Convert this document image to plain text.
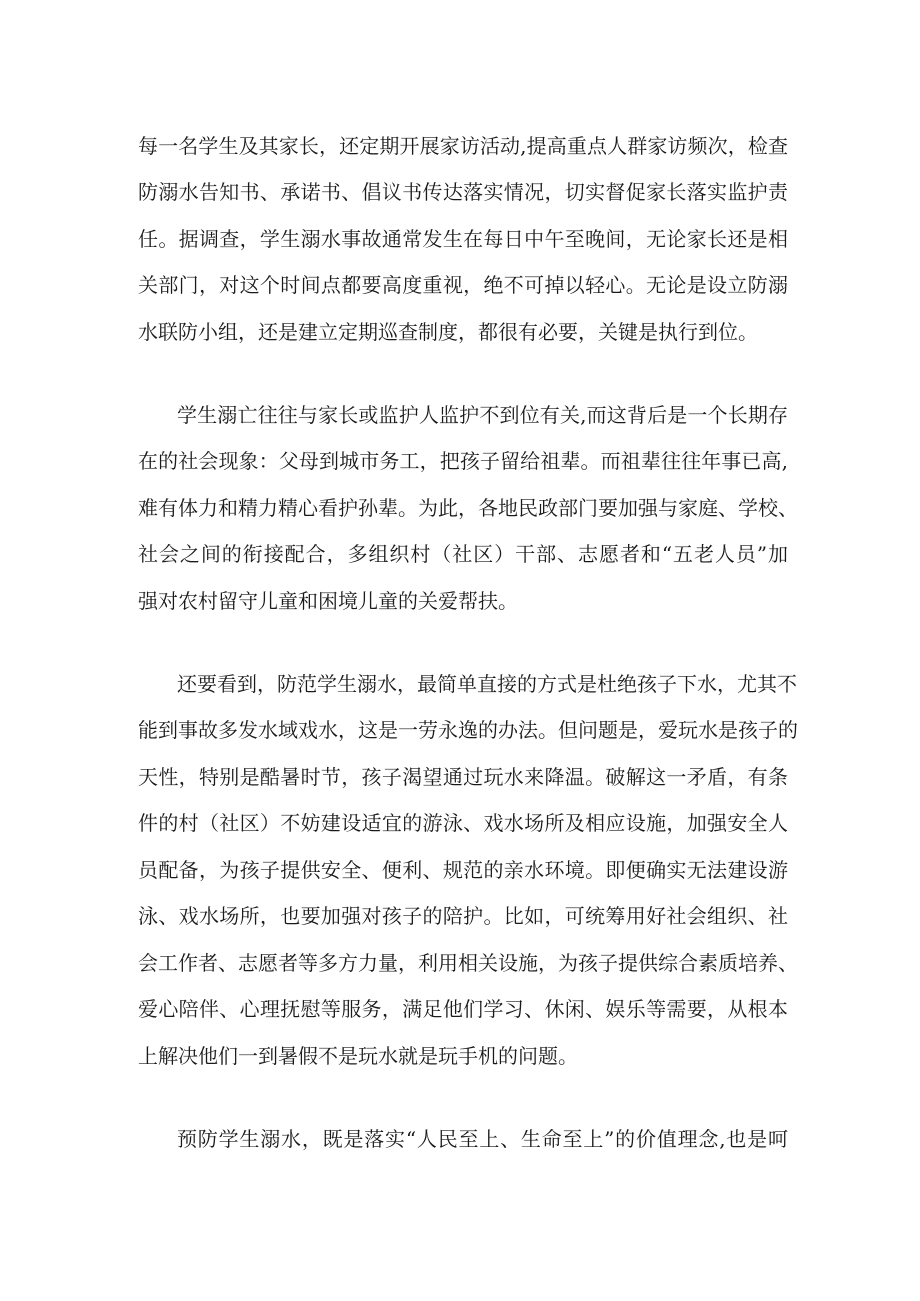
每一名学生及其家长，还定期开展家访活动,提高重点人群家访频次，检查
防溺水告知书、承诺书、倡议书传达落实情况，切实督促家长落实监护责
任。据调查，学生溺水事故通常发生在每日中午至晚间，无论家长还是相
关部门，对这个时间点都要高度重视，绝不可掉以轻心。无论是设立防溺
水联防小组，还是建立定期巡查制度，都很有必要，关键是执行到位。
学生溺亡往往与家长或监护人监护不到位有关,而这背后是一个长期存
在的社会现象：父母到城市务工，把孩子留给祖辈。而祖辈往往年事已高,
难有体力和精力精心看护孙辈。为此，各地民政部门要加强与家庭、学校、
社会之间的衔接配合，多组织村（社区）干部、志愿者和“五老人员”加
强对农村留守儿童和困境儿童的关爱帮扶。
还要看到，防范学生溺水，最简单直接的方式是杜绝孩子下水，尤其不
能到事故多发水域戏水，这是一劳永逸的办法。但问题是，爱玩水是孩子的
天性，特别是酷暑时节，孩子渴望通过玩水来降温。破解这一矛盾，有条
件的村（社区）不妨建设适宜的游泳、戏水场所及相应设施，加强安全人
员配备，为孩子提供安全、便利、规范的亲水环境。即便确实无法建设游
泳、戏水场所，也要加强对孩子的陪护。比如，可统筹用好社会组织、社
会工作者、志愿者等多方力量，利用相关设施，为孩子提供综合素质培养、
爱心陪伴、心理抚慰等服务，满足他们学习、休闲、娱乐等需要，从根本
上解决他们一到暑假不是玩水就是玩手机的问题。
预防学生溺水，既是落实“人民至上、生命至上”的价值理念,也是呵
